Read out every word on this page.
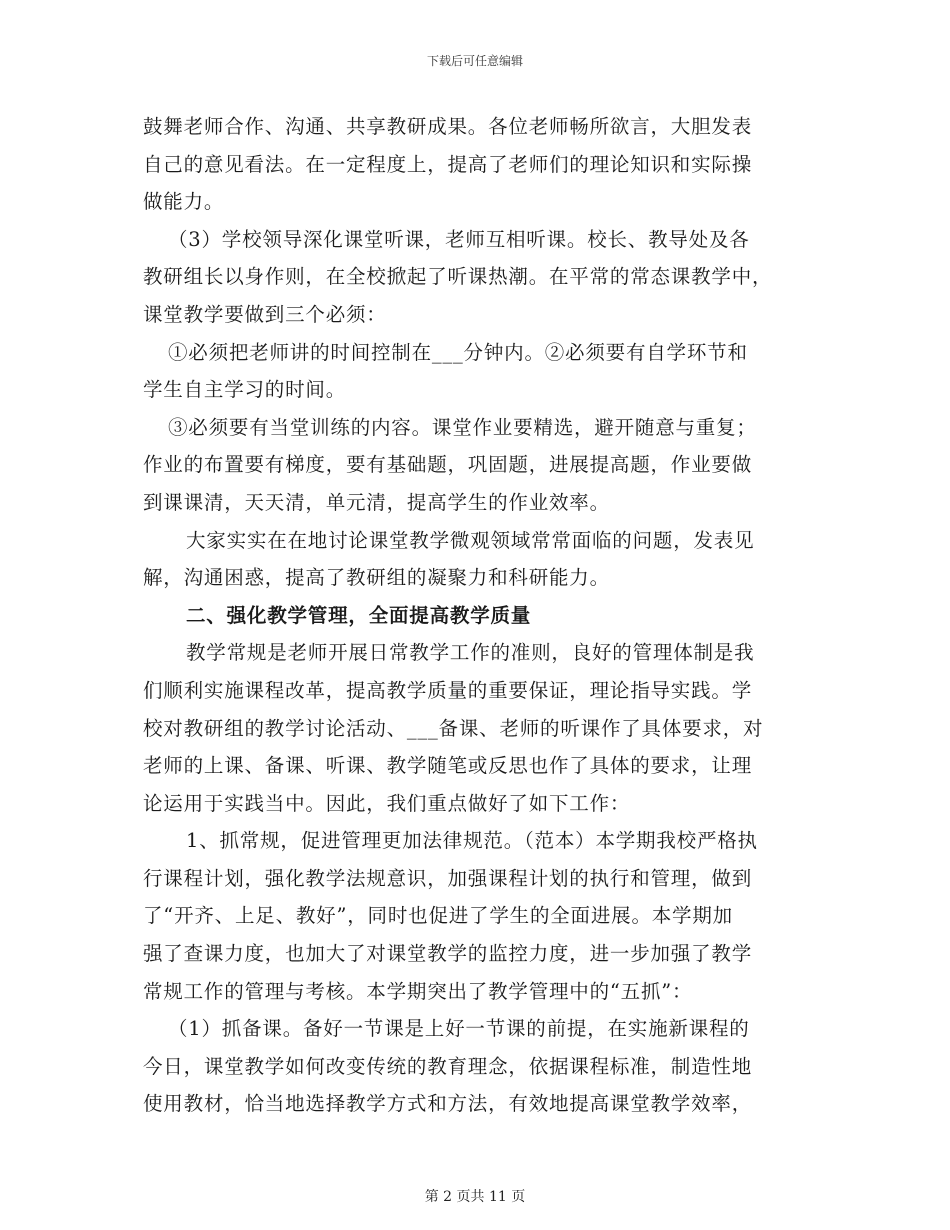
下载后可任意编辑
鼓舞老师合作、沟通、共享教研成果。各位老师畅所欲言，大胆发表
自己的意见看法。在一定程度上，提高了老师们的理论知识和实际操
做能力。
（3）学校领导深化课堂听课，老师互相听课。校长、教导处及各
教研组长以身作则，在全校掀起了听课热潮。在平常的常态课教学中，
课堂教学要做到三个必须：
①必须把老师讲的时间控制在___分钟内。②必须要有自学环节和
学生自主学习的时间。
③必须要有当堂训练的内容。课堂作业要精选，避开随意与重复；
作业的布置要有梯度，要有基础题，巩固题，进展提高题，作业要做
到课课清，天天清，单元清，提高学生的作业效率。
大家实实在在地讨论课堂教学微观领域常常面临的问题，发表见
解，沟通困惑，提高了教研组的凝聚力和科研能力。
二、强化教学管理，全面提高教学质量
教学常规是老师开展日常教学工作的准则，良好的管理体制是我
们顺利实施课程改革，提高教学质量的重要保证，理论指导实践。学
校对教研组的教学讨论活动、___备课、老师的听课作了具体要求，对
老师的上课、备课、听课、教学随笔或反思也作了具体的要求，让理
论运用于实践当中。因此，我们重点做好了如下工作：
1、抓常规，促进管理更加法律规范。（范本）本学期我校严格执
行课程计划，强化教学法规意识，加强课程计划的执行和管理，做到
了“开齐、上足、教好”，同时也促进了学生的全面进展。本学期加
强了查课力度，也加大了对课堂教学的监控力度，进一步加强了教学
常规工作的管理与考核。本学期突出了教学管理中的“五抓”：
（1）抓备课。备好一节课是上好一节课的前提，在实施新课程的
今日，课堂教学如何改变传统的教育理念，依据课程标准，制造性地
使用教材，恰当地选择教学方式和方法，有效地提高课堂教学效率，
第 2 页共 11 页
